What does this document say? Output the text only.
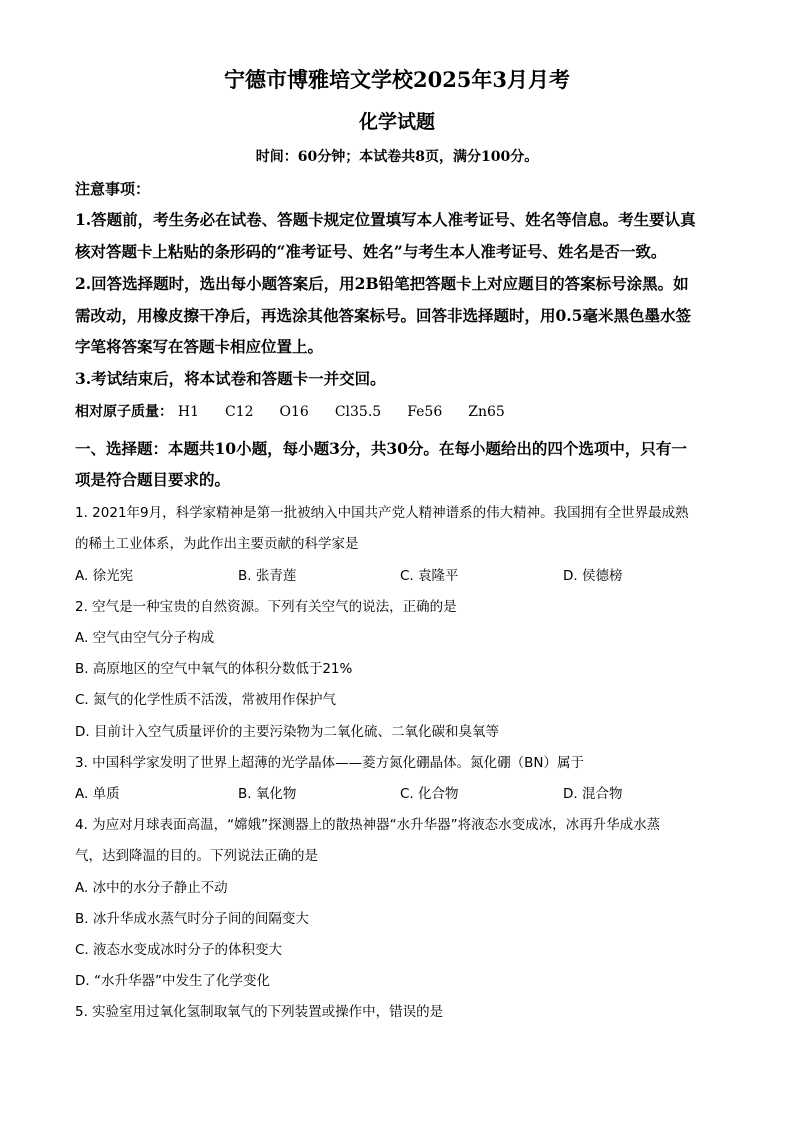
宁德市博雅培文学校2025年3月月考
化学试题
时间：60分钟；本试卷共8页，满分100分。
注意事项：
1.答题前，考生务必在试卷、答题卡规定位置填写本人准考证号、姓名等信息。考生要认真
核对答题卡上粘贴的条形码的“准考证号、姓名”与考生本人准考证号、姓名是否一致。
2.回答选择题时，选出每小题答案后，用2B铅笔把答题卡上对应题目的答案标号涂黑。如
需改动，用橡皮擦干净后，再选涂其他答案标号。回答非选择题时，用0.5毫米黑色墨水签
字笔将答案写在答题卡相应位置上。
3.考试结束后，将本试卷和答题卡一并交回。
相对原子质量： H1 C12 O16 Cl35.5 Fe56 Zn65
一、选择题：本题共10小题，每小题3分，共30分。在每小题给出的四个选项中，只有一
项是符合题目要求的。
1. 2021年9月，科学家精神是第一批被纳入中国共产党人精神谱系的伟大精神。我国拥有全世界最成熟
的稀土工业体系，为此作出主要贡献的科学家是
A. 徐光宪	B. 张青莲	C. 袁隆平	D. 侯德榜
2. 空气是一种宝贵的自然资源。下列有关空气的说法，正确的是
A. 空气由空气分子构成
B. 高原地区的空气中氧气的体积分数低于21%
C. 氮气的化学性质不活泼，常被用作保护气
D. 目前计入空气质量评价的主要污染物为二氧化硫、二氧化碳和臭氧等
3. 中国科学家发明了世界上超薄的光学晶体——菱方氮化硼晶体。氮化硼（BN）属于
A. 单质	B. 氧化物	C. 化合物	D. 混合物
4. 为应对月球表面高温，“嫦娥”探测器上的散热神器“水升华器”将液态水变成冰，冰再升华成水蒸
气，达到降温的目的。下列说法正确的是
A. 冰中的水分子静止不动
B. 冰升华成水蒸气时分子间的间隔变大
C. 液态水变成冰时分子的体积变大
D. “水升华器”中发生了化学变化
5. 实验室用过氧化氢制取氧气的下列装置或操作中，错误的是
